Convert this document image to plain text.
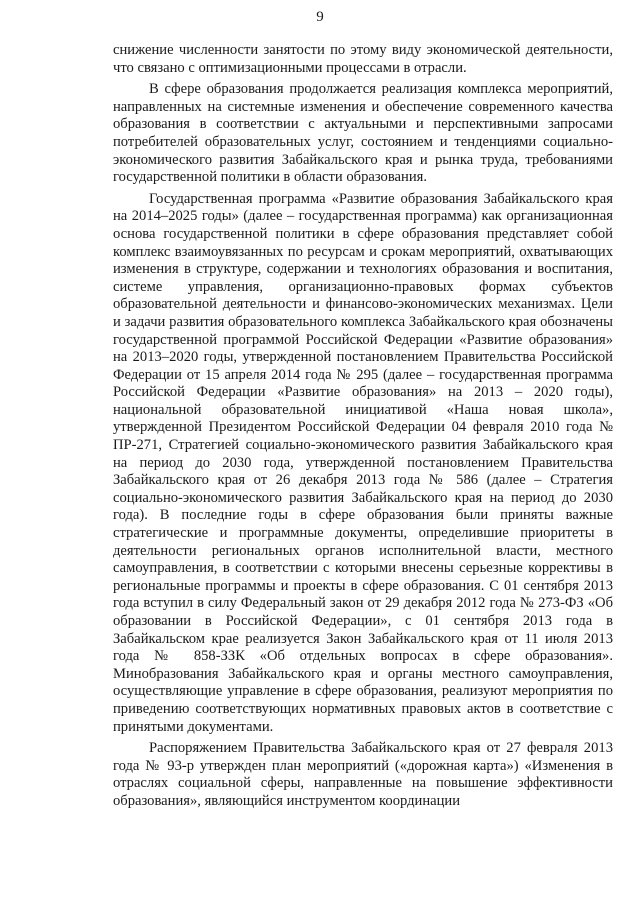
9

снижение численности занятости по этому виду экономической деятельности, что связано с оптимизационными процессами в отрасли.

В сфере образования продолжается реализация комплекса мероприятий, направленных на системные изменения и обеспечение современного качества образования в соответствии с актуальными и перспективными запросами потребителей образовательных услуг, состоянием и тенденциями социально-экономического развития Забайкальского края и рынка труда, требованиями государственной политики в области образования.

Государственная программа «Развитие образования Забайкальского края на 2014–2025 годы» (далее – государственная программа) как организационная основа государственной политики в сфере образования представляет собой комплекс взаимоувязанных по ресурсам и срокам мероприятий, охватывающих изменения в структуре, содержании и технологиях образования и воспитания, системе управления, организационно-правовых формах субъектов образовательной деятельности и финансово-экономических механизмах. Цели и задачи развития образовательного комплекса Забайкальского края обозначены государственной программой Российской Федерации «Развитие образования» на 2013–2020 годы, утвержденной постановлением Правительства Российской Федерации от 15 апреля 2014 года № 295 (далее – государственная программа Российской Федерации «Развитие образования» на 2013 – 2020 годы), национальной образовательной инициативой «Наша новая школа», утвержденной Президентом Российской Федерации 04 февраля 2010 года № ПР-271, Стратегией социально-экономического развития Забайкальского края на период до 2030 года, утвержденной постановлением Правительства Забайкальского края от 26 декабря 2013 года № 586 (далее – Стратегия социально-экономического развития Забайкальского края на период до 2030 года). В последние годы в сфере образования были приняты важные стратегические и программные документы, определившие приоритеты в деятельности региональных органов исполнительной власти, местного самоуправления, в соответствии с которыми внесены серьезные коррективы в региональные программы и проекты в сфере образования. С 01 сентября 2013 года вступил в силу Федеральный закон от 29 декабря 2012 года № 273-ФЗ «Об образовании в Российской Федерации», с 01 сентября 2013 года в Забайкальском крае реализуется Закон Забайкальского края от 11 июля 2013 года № 858-ЗЗК «Об отдельных вопросах в сфере образования». Минобразования Забайкальского края и органы местного самоуправления, осуществляющие управление в сфере образования, реализуют мероприятия по приведению соответствующих нормативных правовых актов в соответствие с принятыми документами.

Распоряжением Правительства Забайкальского края от 27 февраля 2013 года № 93-р утвержден план мероприятий («дорожная карта») «Изменения в отраслях социальной сферы, направленные на повышение эффективности образования», являющийся инструментом координации
